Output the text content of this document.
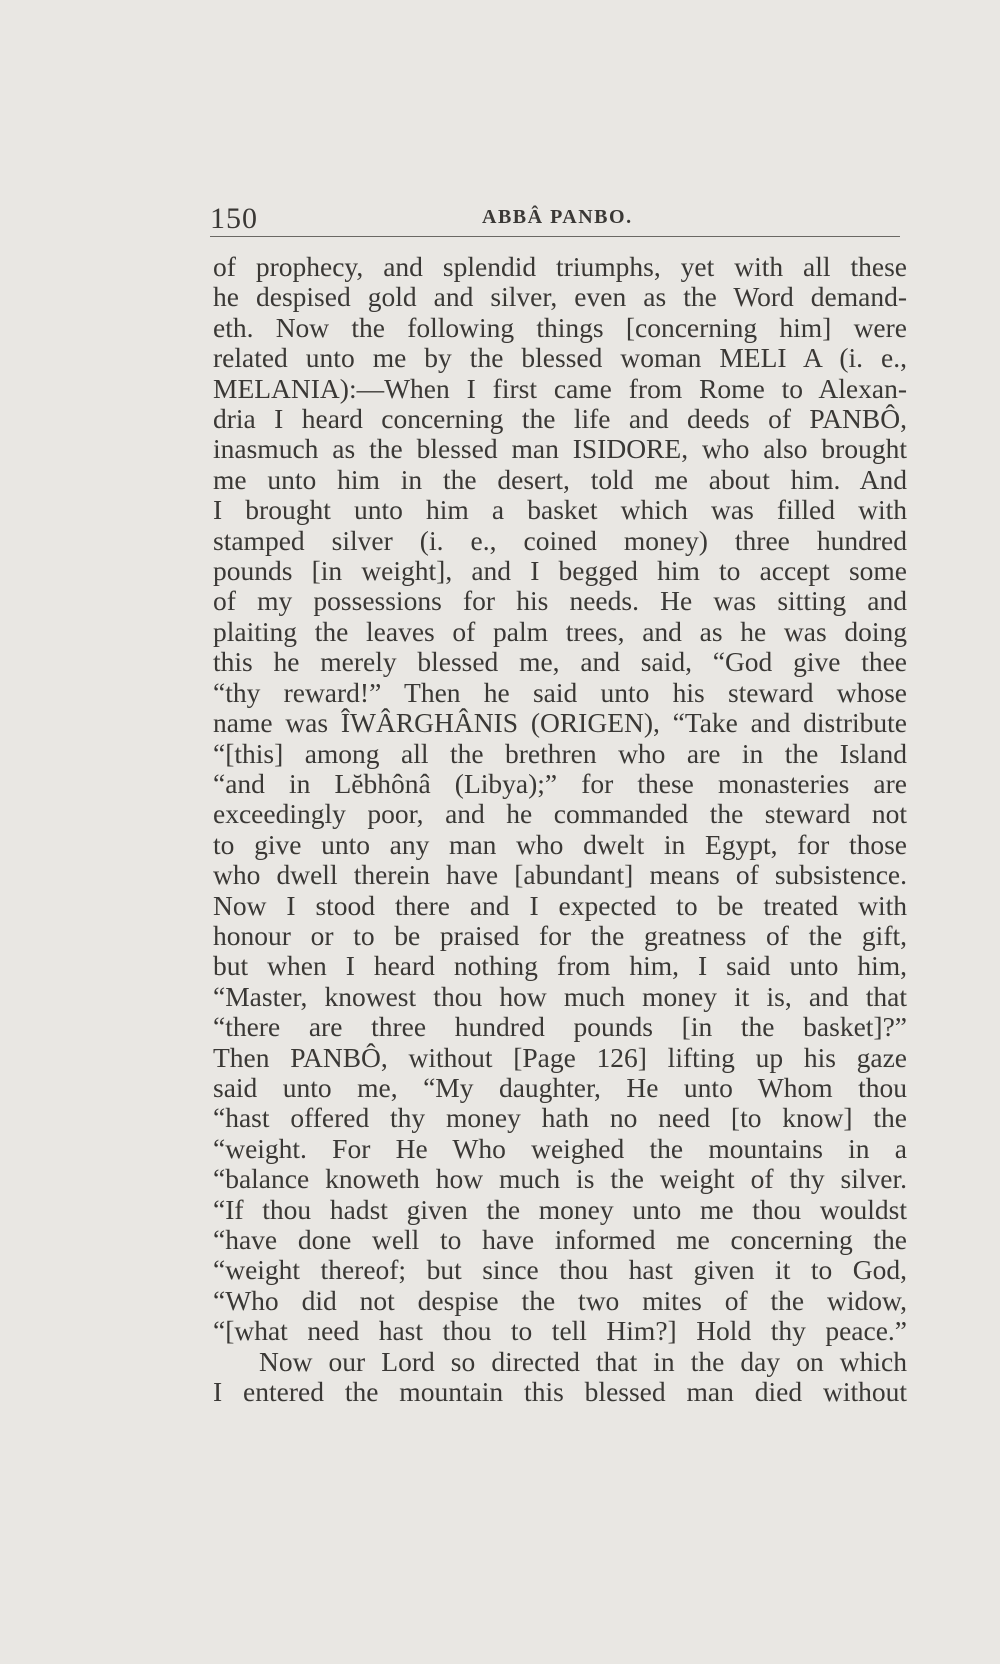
150	ABBÂ PANBO.
of prophecy, and splendid triumphs, yet with all these
he despised gold and silver, even as the Word demand-
eth. Now the following things [concerning him] were
related unto me by the blessed woman MELI A (i. e.,
MELANIA):—When I first came from Rome to Alexan-
dria I heard concerning the life and deeds of PANBÔ,
inasmuch as the blessed man ISIDORE, who also brought
me unto him in the desert, told me about him. And
I brought unto him a basket which was filled with
stamped silver (i. e., coined money) three hundred
pounds [in weight], and I begged him to accept some
of my possessions for his needs. He was sitting and
plaiting the leaves of palm trees, and as he was doing
this he merely blessed me, and said, “God give thee
“thy reward!” Then he said unto his steward whose
name was ÎWÂRGHÂNIS (ORIGEN), “Take and distribute
“[this] among all the brethren who are in the Island
“and in Lĕbhônâ (Libya);” for these monasteries are
exceedingly poor, and he commanded the steward not
to give unto any man who dwelt in Egypt, for those
who dwell therein have [abundant] means of subsistence.
Now I stood there and I expected to be treated with
honour or to be praised for the greatness of the gift,
but when I heard nothing from him, I said unto him,
“Master, knowest thou how much money it is, and that
“there are three hundred pounds [in the basket]?”
Then PANBÔ, without [Page 126] lifting up his gaze
said unto me, “My daughter, He unto Whom thou
“hast offered thy money hath no need [to know] the
“weight. For He Who weighed the mountains in a
“balance knoweth how much is the weight of thy silver.
“If thou hadst given the money unto me thou wouldst
“have done well to have informed me concerning the
“weight thereof; but since thou hast given it to God,
“Who did not despise the two mites of the widow,
“[what need hast thou to tell Him?] Hold thy peace.”
Now our Lord so directed that in the day on which
I entered the mountain this blessed man died without
